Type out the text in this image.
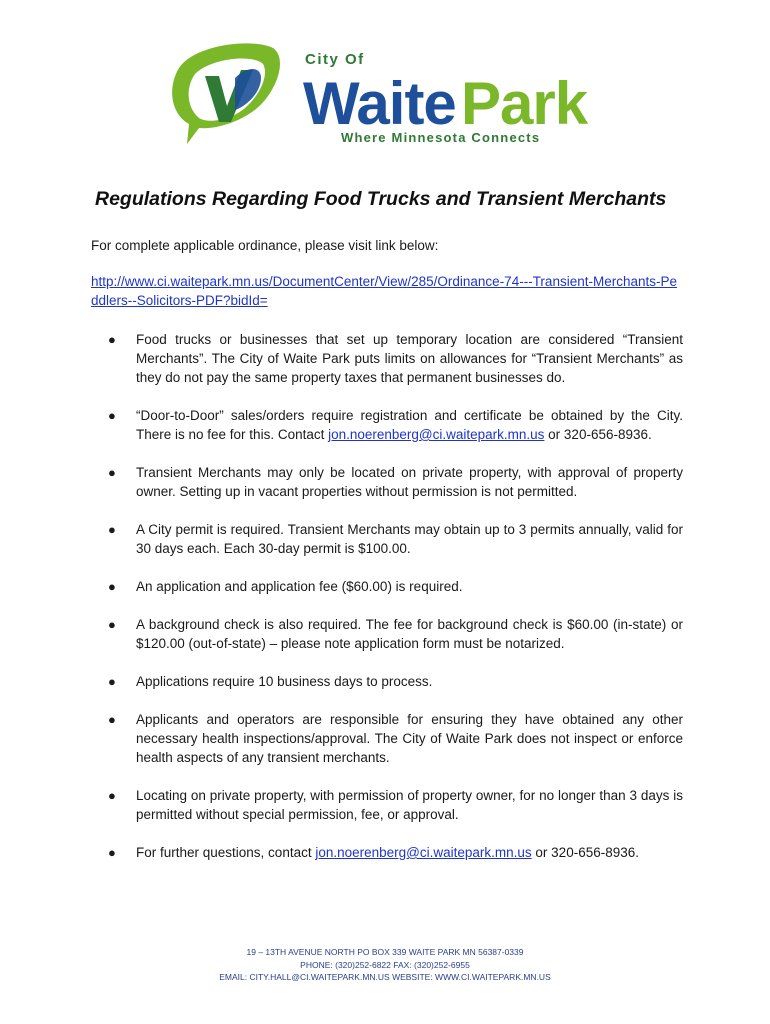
City Of
Waite Park
Where Minnesota Connects
Regulations Regarding Food Trucks and Transient Merchants
For complete applicable ordinance, please visit link below:
http://www.ci.waitepark.mn.us/DocumentCenter/View/285/Ordinance-74---Transient-Merchants-Peddlers--Solicitors-PDF?bidId=
● Food trucks or businesses that set up temporary location are considered “Transient Merchants”. The City of Waite Park puts limits on allowances for “Transient Merchants” as they do not pay the same property taxes that permanent businesses do.
● “Door-to-Door” sales/orders require registration and certificate be obtained by the City. There is no fee for this. Contact jon.noerenberg@ci.waitepark.mn.us or 320-656-8936.
● Transient Merchants may only be located on private property, with approval of property owner. Setting up in vacant properties without permission is not permitted.
● A City permit is required. Transient Merchants may obtain up to 3 permits annually, valid for 30 days each. Each 30-day permit is $100.00.
● An application and application fee ($60.00) is required.
● A background check is also required. The fee for background check is $60.00 (in-state) or $120.00 (out-of-state) – please note application form must be notarized.
● Applications require 10 business days to process.
● Applicants and operators are responsible for ensuring they have obtained any other necessary health inspections/approval. The City of Waite Park does not inspect or enforce health aspects of any transient merchants.
● Locating on private property, with permission of property owner, for no longer than 3 days is permitted without special permission, fee, or approval.
● For further questions, contact jon.noerenberg@ci.waitepark.mn.us or 320-656-8936.
19 – 13TH AVENUE NORTH PO BOX 339 WAITE PARK MN 56387-0339
PHONE: (320)252-6822 FAX: (320)252-6955
EMAIL: CITY.HALL@CI.WAITEPARK.MN.US WEBSITE: WWW.CI.WAITEPARK.MN.US
